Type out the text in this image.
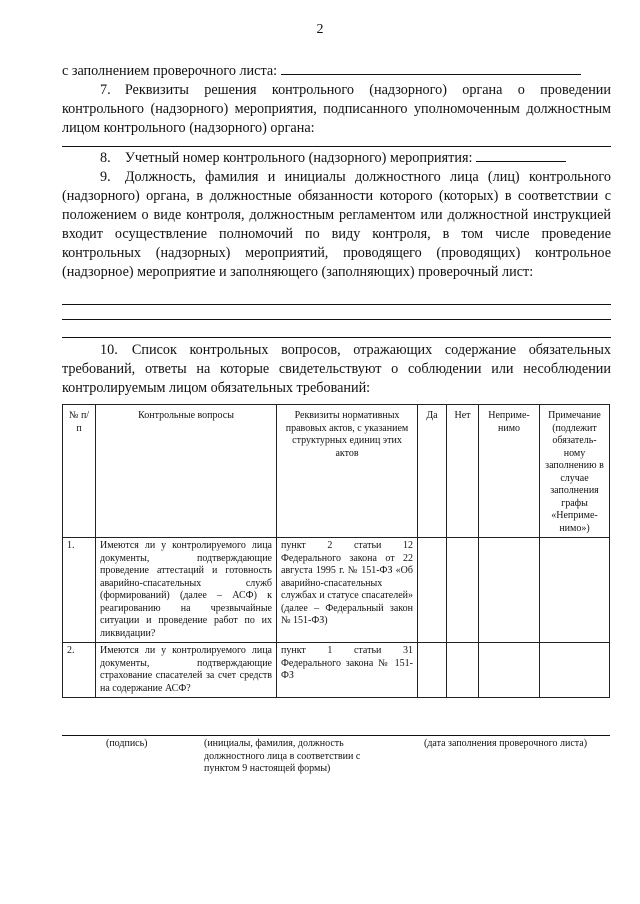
2
с заполнением проверочного листа:
7. Реквизиты решения контрольного (надзорного) органа о проведении контрольного (надзорного) мероприятия, подписанного уполномоченным должностным лицом контрольного (надзорного) органа:
8. Учетный номер контрольного (надзорного) мероприятия:
9. Должность, фамилия и инициалы должностного лица (лиц) контрольного (надзорного) органа, в должностные обязанности которого (которых) в соответствии с положением о виде контроля, должностным регламентом или должностной инструкцией входит осуществление полномочий по виду контроля, в том числе проведение контрольных (надзорных) мероприятий, проводящего (проводящих) контрольное (надзорное) мероприятие и заполняющего (заполняющих) проверочный лист:
10. Список контрольных вопросов, отражающих содержание обязательных требований, ответы на которые свидетельствуют о соблюдении или несоблюдении контролируемым лицом обязательных требований:
№ п/п	Контрольные вопросы	Реквизиты нормативных правовых актов, с указанием структурных единиц этих актов	Да	Нет	Неприме-нимо	Примечание (подлежит обязатель-ному заполнению в случае заполнения графы «Неприме-нимо»)
1.	Имеются ли у контролируемого лица документы, подтверждающие проведение аттестаций и готовность аварийно-спасательных служб (формирований) (далее – АСФ) к реагированию на чрезвычайные ситуации и проведение работ по их ликвидации?	пункт 2 статьи 12 Федерального закона от 22 августа 1995 г. № 151-ФЗ «Об аварийно-спасательных службах и статусе спасателей» (далее – Федеральный закон № 151-ФЗ)				
2.	Имеются ли у контролируемого лица документы, подтверждающие страхование спасателей за счет средств на содержание АСФ?	пункт 1 статьи 31 Федерального закона № 151-ФЗ				
(подпись)	(инициалы, фамилия, должность должностного лица в соответствии с пунктом 9 настоящей формы)
(дата заполнения проверочного листа)
